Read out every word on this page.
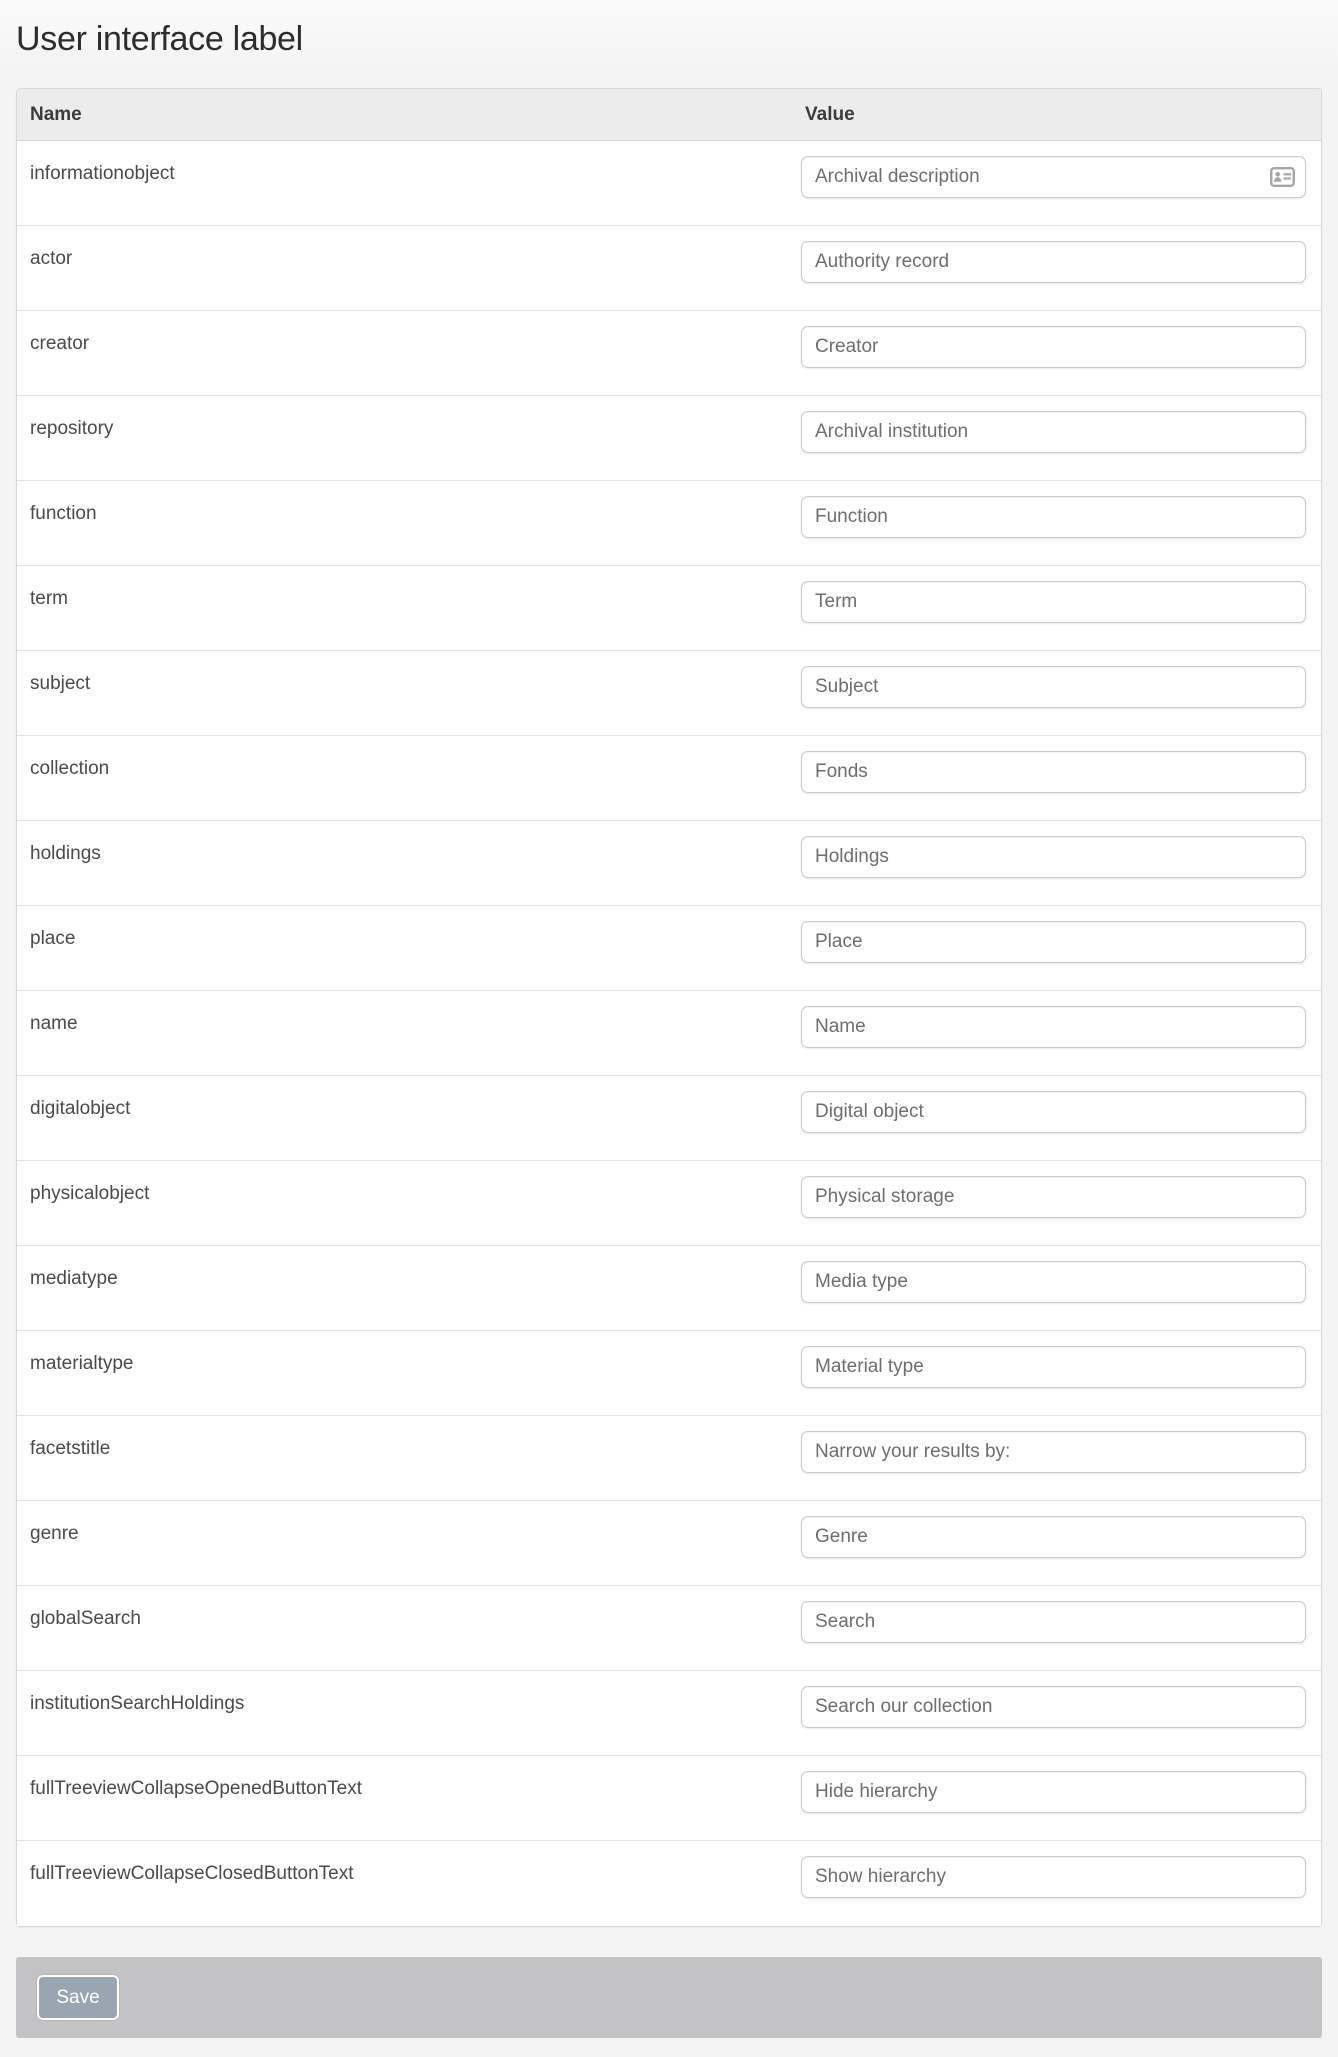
User interface label
Name	Value
informationobject
Archival description
actor
Authority record
creator
Creator
repository
Archival institution
function
Function
term
Term
subject
Subject
collection
Fonds
holdings
Holdings
place
Place
name
Name
digitalobject
Digital object
physicalobject
Physical storage
mediatype
Media type
materialtype
Material type
facetstitle
Narrow your results by:
genre
Genre
globalSearch
Search
institutionSearchHoldings
Search our collection
fullTreeviewCollapseOpenedButtonText
Hide hierarchy
fullTreeviewCollapseClosedButtonText
Show hierarchy
Save
